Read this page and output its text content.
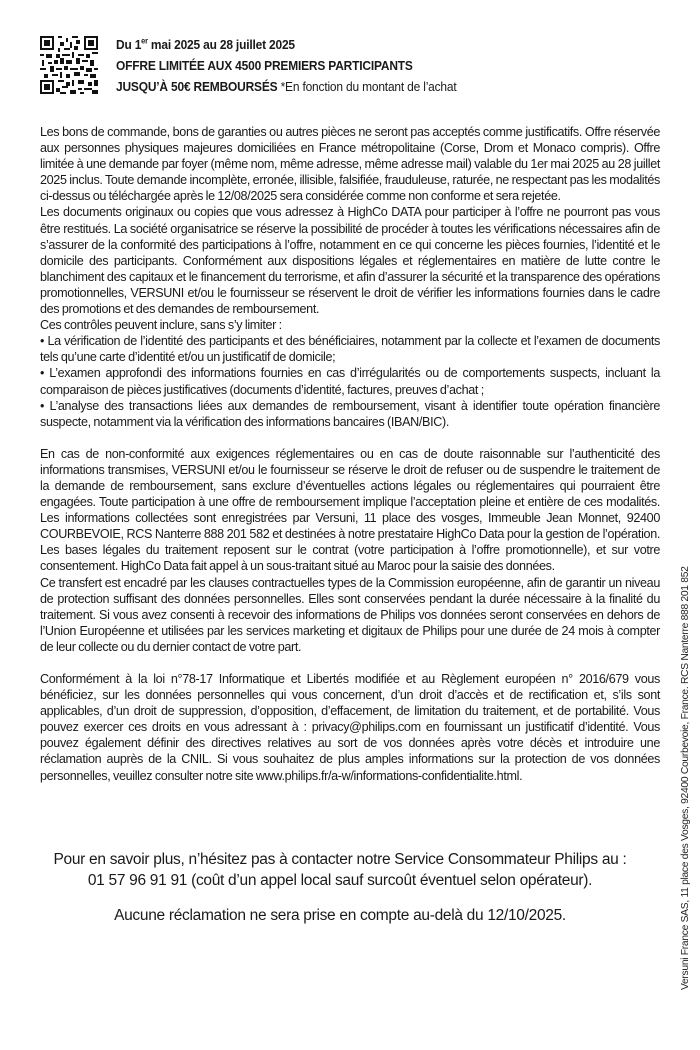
Du 1er mai 2025 au 28 juillet 2025
OFFRE LIMITÉE AUX 4500 PREMIERS PARTICIPANTS
JUSQU’À 50€ REMBOURSÉS *En fonction du montant de l’achat

Les bons de commande, bons de garanties ou autres pièces ne seront pas acceptés comme justificatifs. Offre réservée aux personnes physiques majeures domiciliées en France métropolitaine (Corse, Drom et Monaco compris). Offre limitée à une demande par foyer (même nom, même adresse, même adresse mail) valable du 1er mai 2025 au 28 juillet 2025 inclus. Toute demande incomplète, erronée, illisible, falsifiée, frauduleuse, raturée, ne respectant pas les modalités ci-dessus ou téléchargée après le 12/08/2025 sera considérée comme non conforme et sera rejetée.

Les documents originaux ou copies que vous adressez à HighCo DATA pour participer à l’offre ne pourront pas vous être restitués. La société organisatrice se réserve la possibilité de procéder à toutes les vérifications nécessaires afin de s’assurer de la conformité des participations à l’offre, notamment en ce qui concerne les pièces fournies, l’identité et le domicile des participants. Conformément aux dispositions légales et réglementaires en matière de lutte contre le blanchiment des capitaux et le financement du terrorisme, et afin d’assurer la sécurité et la transparence des opérations promotionnelles, VERSUNI et/ou le fournisseur se réservent le droit de vérifier les informations fournies dans le cadre des promotions et des demandes de remboursement.

Ces contrôles peuvent inclure, sans s’y limiter :

• La vérification de l’identité des participants et des bénéficiaires, notamment par la collecte et l’examen de documents tels qu’une carte d’identité et/ou un justificatif de domicile;

• L’examen approfondi des informations fournies en cas d’irrégularités ou de comportements suspects, incluant la comparaison de pièces justificatives (documents d’identité, factures, preuves d’achat ;

• L’analyse des transactions liées aux demandes de remboursement, visant à identifier toute opération financière suspecte, notamment via la vérification des informations bancaires (IBAN/BIC).

En cas de non-conformité aux exigences réglementaires ou en cas de doute raisonnable sur l’authenticité des informations transmises, VERSUNI et/ou le fournisseur se réserve le droit de refuser ou de suspendre le traitement de la demande de remboursement, sans exclure d’éventuelles actions légales ou réglementaires qui pourraient être engagées. Toute participation à une offre de remboursement implique l’acceptation pleine et entière de ces modalités. Les informations collectées sont enregistrées par Versuni, 11 place des vosges, Immeuble Jean Monnet, 92400 COURBEVOIE, RCS Nanterre 888 201 582 et destinées à notre prestataire HighCo Data pour la gestion de l’opération. Les bases légales du traitement reposent sur le contrat (votre participation à l’offre promotionnelle), et sur votre consentement. HighCo Data fait appel à un sous-traitant situé au Maroc pour la saisie des données.

Ce transfert est encadré par les clauses contractuelles types de la Commission européenne, afin de garantir un niveau de protection suffisant des données personnelles. Elles sont conservées pendant la durée nécessaire à la finalité du traitement. Si vous avez consenti à recevoir des informations de Philips vos données seront conservées en dehors de l’Union Européenne et utilisées par les services marketing et digitaux de Philips pour une durée de 24 mois à compter de leur collecte ou du dernier contact de votre part.

Conformément à la loi n°78-17 Informatique et Libertés modifiée et au Règlement européen n° 2016/679 vous bénéficiez, sur les données personnelles qui vous concernent, d’un droit d’accès et de rectification et, s’ils sont applicables, d’un droit de suppression, d’opposition, d’effacement, de limitation du traitement, et de portabilité. Vous pouvez exercer ces droits en vous adressant à : privacy@philips.com en fournissant un justificatif d’identité. Vous pouvez également définir des directives relatives au sort de vos données après votre décès et introduire une réclamation auprès de la CNIL. Si vous souhaitez de plus amples informations sur la protection de vos données personnelles, veuillez consulter notre site www.philips.fr/a-w/informations-confidentialite.html.

Pour en savoir plus, n’hésitez pas à contacter notre Service Consommateur Philips au :

01 57 96 91 91 (coût d’un appel local sauf surcoût éventuel selon opérateur).

Aucune réclamation ne sera prise en compte au-delà du 12/10/2025.	Versuni France SAS, 11 place des Vosges, 92400 Courbevoie, France. RCS Nanterre 888 201 852
